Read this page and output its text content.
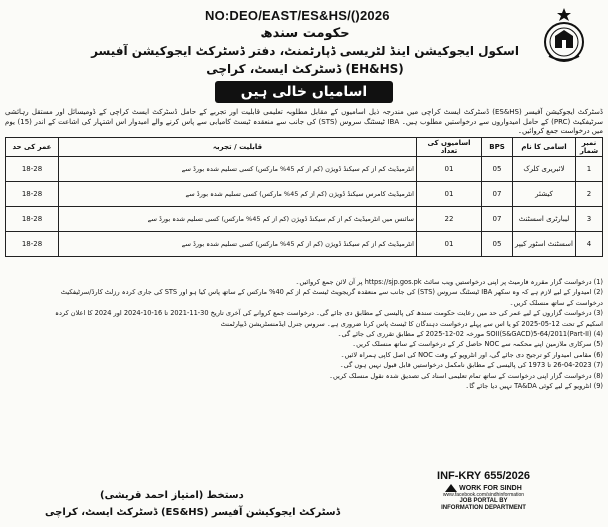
NO:DEO/EAST/ES&HS/()2026
حکومت سندھ
اسکول ایجوکیشن اینڈ لٹریسی ڈپارٹمنٹ، دفتر ڈسٹرکٹ ایجوکیشن آفیسر
(EH&HS) ڈسٹرکٹ ایسٹ، کراچی
اسامیاں خالی ہیں
ڈسٹرکٹ ایجوکیشن آفیسر (ES&HS) ڈسٹرکٹ ایسٹ کراچی میں مندرجہ ذیل اسامیوں کے مقابل مطلوبہ تعلیمی قابلیت اور تجربے کے حامل ڈسٹرکٹ ایسٹ کراچی کے ڈومیسائل اور مستقل رہائشی سرٹیفکیٹ (PRC) کے حامل امیدواروں سے درخواستیں مطلوب ہیں۔ IBA ٹیسٹنگ سروس (STS) کی جانب سے منعقدہ ٹیسٹ کامیابی سے پاس کرنے والے امیدوار اس اشتہار کی اشاعت کے اندر (15) یوم میں درخواست جمع کروائیں۔
نمبر شمار	اسامی کا نام	BPS	اسامیوں کی تعداد	قابلیت / تجربہ	عمر کی حد
1	لائبریری کلرک	05	01	انٹرمیڈیٹ کم از کم سیکنڈ ڈویژن (کم از کم 45% مارکس) کسی تسلیم شدہ بورڈ سے	18-28
2	کیشئر	07	01	انٹرمیڈیٹ کامرس سیکنڈ ڈویژن (کم از کم 45% مارکس) کسی تسلیم شدہ بورڈ سے	18-28
3	لیبارٹری اسسٹنٹ	07	22	سائنس میں انٹرمیڈیٹ کم از کم سیکنڈ ڈویژن (کم از کم 45% مارکس) کسی تسلیم شدہ بورڈ سے	18-28
4	اسسٹنٹ اسٹور کیپر	05	01	انٹرمیڈیٹ کم از کم سیکنڈ ڈویژن (کم از کم 45% مارکس) کسی تسلیم شدہ بورڈ سے	18-28
(1) درخواست گزار مقررہ فارمیٹ پر اپنی درخواستیں ویب سائٹ https://sjp.gos.pk پر آن لائن جمع کروائیں۔
(2) امیدوار کے لیے لازم ہے کہ وہ سکھر IBA ٹیسٹنگ سروس (STS) کی جانب سے منعقدہ گریجویٹ ٹیسٹ کم از کم 40% مارکس کے ساتھ پاس کیا ہو اور STS کی جاری کردہ رزلٹ کارڈ/سرٹیفکیٹ
درخواست کے ساتھ منسلک کریں۔
(3) درخواست گزاروں کے لیے عمر کی حد میں رعایت حکومت سندھ کی پالیسی کے مطابق دی جائے گی۔ درخواست جمع کروانے کی آخری تاریخ 30-11-2021 تا 16-10-2024 اور 2024 کا اعلان کردہ
اسکیم کے تحت 12-05-2025 کو یا اس سے پہلے درخواست دہندگان کا ٹیسٹ پاس کرنا ضروری ہے۔ سروس جنرل ایڈمنسٹریشن ڈیپارٹمنٹ
(4) SOII(S&GACD)5-64/2011(Part-II) مورخہ 02-12-2025 کے مطابق تقرری کی جائے گی۔
(5) سرکاری ملازمین اپنے محکمہ سے NOC حاصل کر کے درخواست کے ساتھ منسلک کریں۔
(6) مقامی امیدوار کو ترجیح دی جائے گی، اور انٹرویو کے وقت NOC کی اصل کاپی ہمراہ لائیں۔
(7) 26-04-2023 تا 1973 کی پالیسی کے مطابق نامکمل درخواستیں قابل قبول نہیں ہوں گی۔
(8) درخواست گزار اپنی درخواست کے ساتھ تمام تعلیمی اسناد کی تصدیق شدہ نقول منسلک کریں۔
(9) انٹرویو کے لیے کوئی TA&DA نہیں دیا جائے گا۔
INF-KRY 655/2026
WORK FOR SINDH
www.facebook.com/sindhinformation
JOB PORTAL BY
INFORMATION DEPARTMENT
دستخط (امتیاز احمد قریشی)
ڈسٹرکٹ ایجوکیشن آفیسر (ES&HS) ڈسٹرکٹ ایسٹ، کراچی
